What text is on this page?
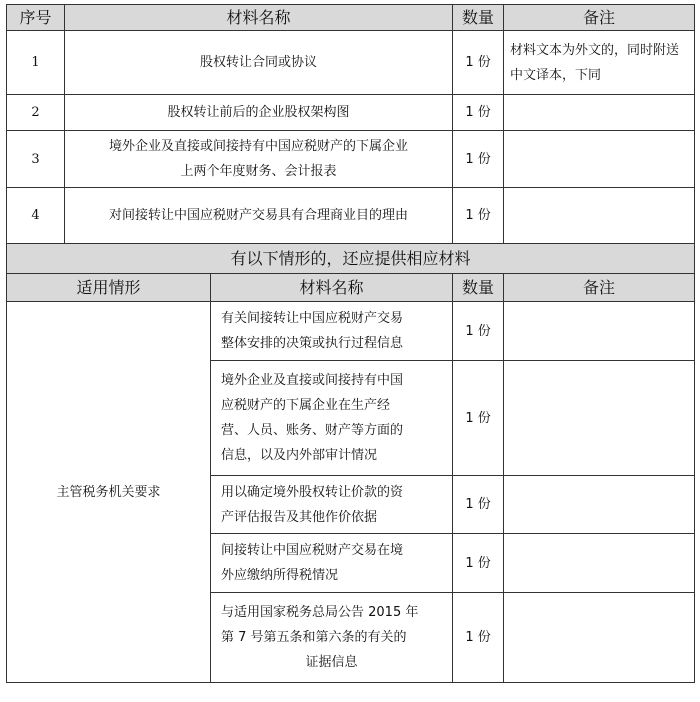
序号	材料名称		数量	备注
1	股权转让合同或协议		1 份	材料文本为外文的，同时附送中文译本，下同
2	股权转让前后的企业股权架构图		1 份	
3	境外企业及直接或间接持有中国应税财产的下属企业
上两个年度财务、会计报表		1 份	
4	对间接转让中国应税财产交易具有合理商业目的理由		1 份	
有以下情形的，还应提供相应材料				
适用情形		材料名称	数量	备注
主管税务机关要求		有关间接转让中国应税财产交易
整体安排的决策或执行过程信息	1 份	

		境外企业及直接或间接持有中国
应税财产的下属企业在生产经
营、人员、账务、财产等方面的
信息，以及内外部审计情况	1 份	

		用以确定境外股权转让价款的资
产评估报告及其他作价依据	1 份	

		间接转让中国应税财产交易在境
外应缴纳所得税情况	1 份	

		与适用国家税务总局公告 2015 年
第 7 号第五条和第六条的有关的
证据信息	1 份	
